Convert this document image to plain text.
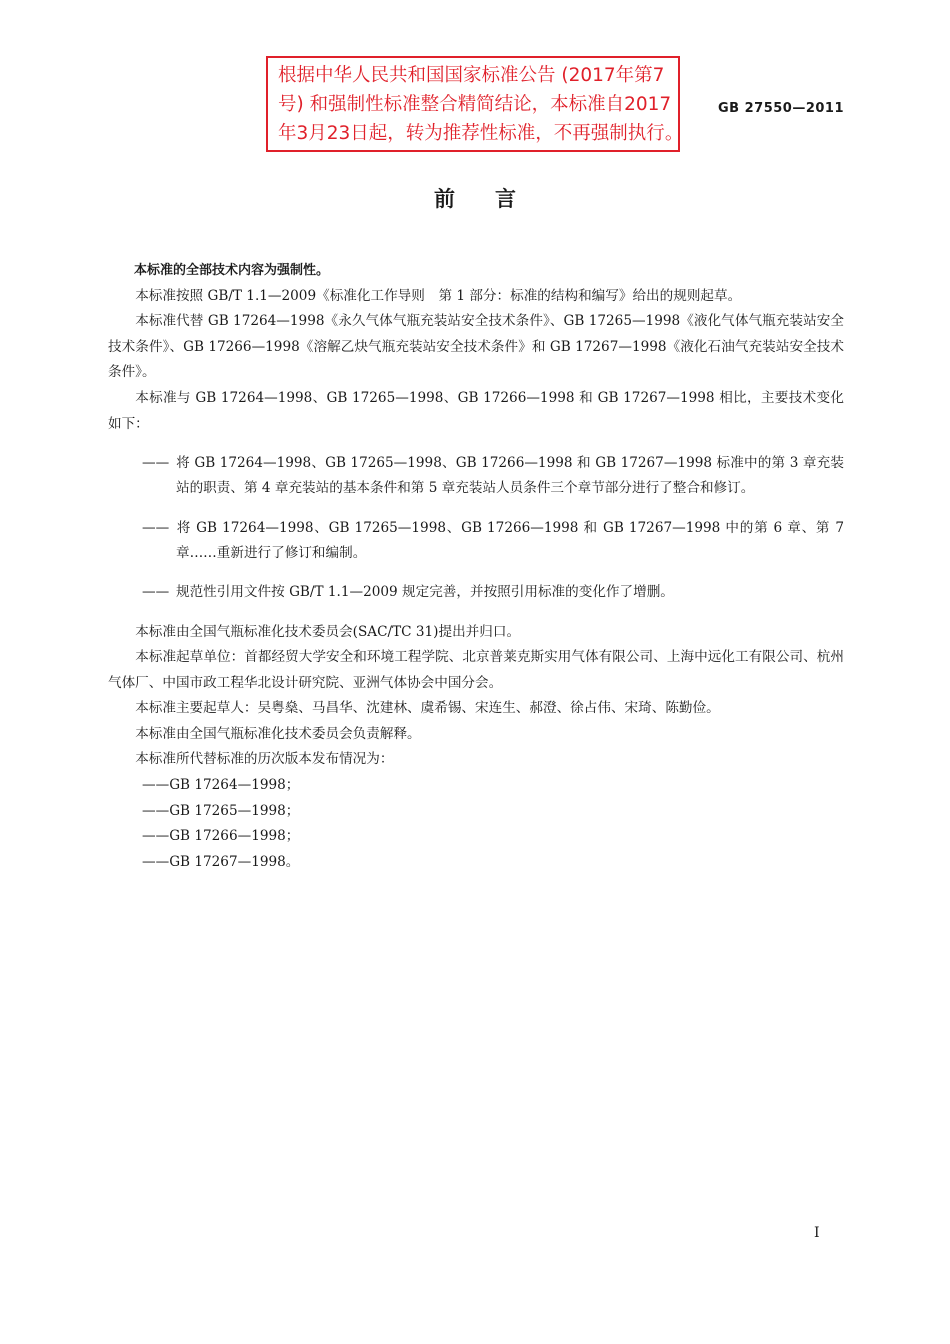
根据中华人民共和国国家标准公告 (2017年第7
号) 和强制性标准整合精简结论，本标准自2017
年3月23日起，转为推荐性标准，不再强制执行。
GB 27550—2011
前言

本标准的全部技术内容为强制性。

本标准按照 GB/T 1.1—2009《标准化工作导则　第 1 部分：标准的结构和编写》给出的规则起草。

本标准代替 GB 17264—1998《永久气体气瓶充装站安全技术条件》、GB 17265—1998《液化气体气瓶充装站安全技术条件》、GB 17266—1998《溶解乙炔气瓶充装站安全技术条件》和 GB 17267—1998《液化石油气充装站安全技术条件》。

本标准与 GB 17264—1998、GB 17265—1998、GB 17266—1998 和 GB 17267—1998 相比，主要技术变化如下：

—— 将 GB 17264—1998、GB 17265—1998、GB 17266—1998 和 GB 17267—1998 标准中的第 3 章充装站的职责、第 4 章充装站的基本条件和第 5 章充装站人员条件三个章节部分进行了整合和修订。

—— 将 GB 17264—1998、GB 17265—1998、GB 17266—1998 和 GB 17267—1998 中的第 6 章、第 7 章……重新进行了修订和编制。

—— 规范性引用文件按 GB/T 1.1—2009 规定完善，并按照引用标准的变化作了增删。

本标准由全国气瓶标准化技术委员会(SAC/TC 31)提出并归口。

本标准起草单位：首都经贸大学安全和环境工程学院、北京普莱克斯实用气体有限公司、上海中远化工有限公司、杭州气体厂、中国市政工程华北设计研究院、亚洲气体协会中国分会。

本标准主要起草人：吴粤燊、马昌华、沈建林、虞希锡、宋连生、郝澄、徐占伟、宋琦、陈勤俭。

本标准由全国气瓶标准化技术委员会负责解释。

本标准所代替标准的历次版本发布情况为：

——GB 17264—1998；
——GB 17265—1998；
——GB 17266—1998；
——GB 17267—1998。
I
